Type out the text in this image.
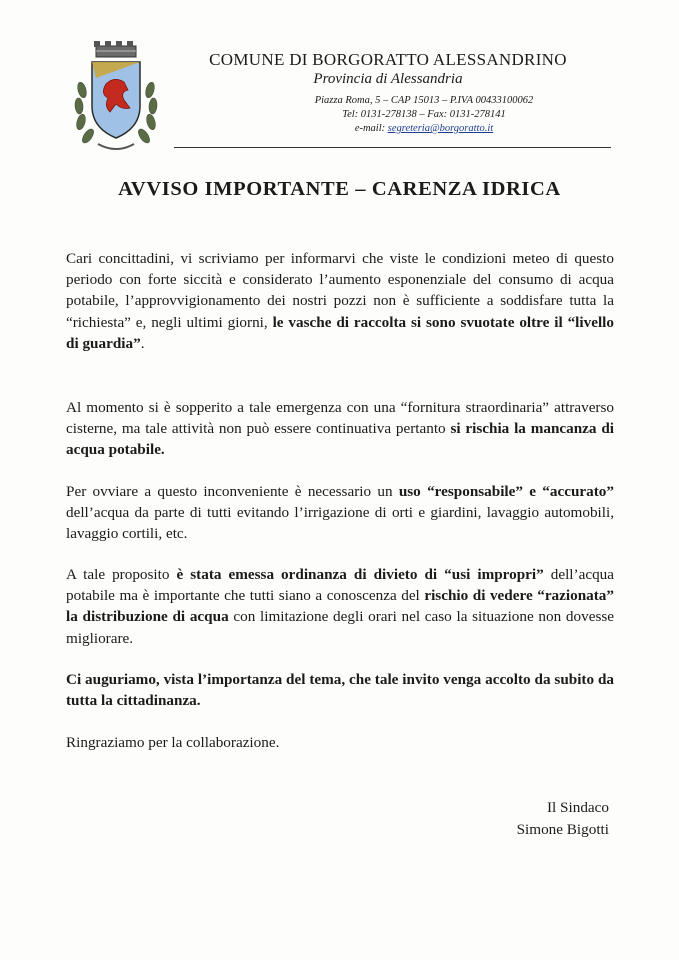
COMUNE DI BORGORATTO ALESSANDRINO
Provincia di Alessandria
Piazza Roma, 5 – CAP 15013 – P.IVA 00433100062
Tel: 0131-278138 – Fax: 0131-278141
e-mail: segreteria@borgoratto.it
AVVISO IMPORTANTE – CARENZA IDRICA

Cari concittadini, vi scriviamo per informarvi che viste le condizioni meteo di questo periodo con forte siccità e considerato l’aumento esponenziale del consumo di acqua potabile, l’approvvigionamento dei nostri pozzi non è sufficiente a soddisfare tutta la “richiesta” e, negli ultimi giorni, le vasche di raccolta si sono svuotate oltre il “livello di guardia”.

Al momento si è sopperito a tale emergenza con una “fornitura straordinaria” attraverso cisterne, ma tale attività non può essere continuativa pertanto si rischia la mancanza di acqua potabile.

Per ovviare a questo inconveniente è necessario un uso “responsabile” e “accurato” dell’acqua da parte di tutti evitando l’irrigazione di orti e giardini, lavaggio automobili, lavaggio cortili, etc.

A tale proposito è stata emessa ordinanza di divieto di “usi impropri” dell’acqua potabile ma è importante che tutti siano a conoscenza del rischio di vedere “razionata” la distribuzione di acqua con limitazione degli orari nel caso la situazione non dovesse migliorare.

Ci auguriamo, vista l’importanza del tema, che tale invito venga accolto da subito da tutta la cittadinanza.

Ringraziamo per la collaborazione.

Il Sindaco
Simone Bigotti
